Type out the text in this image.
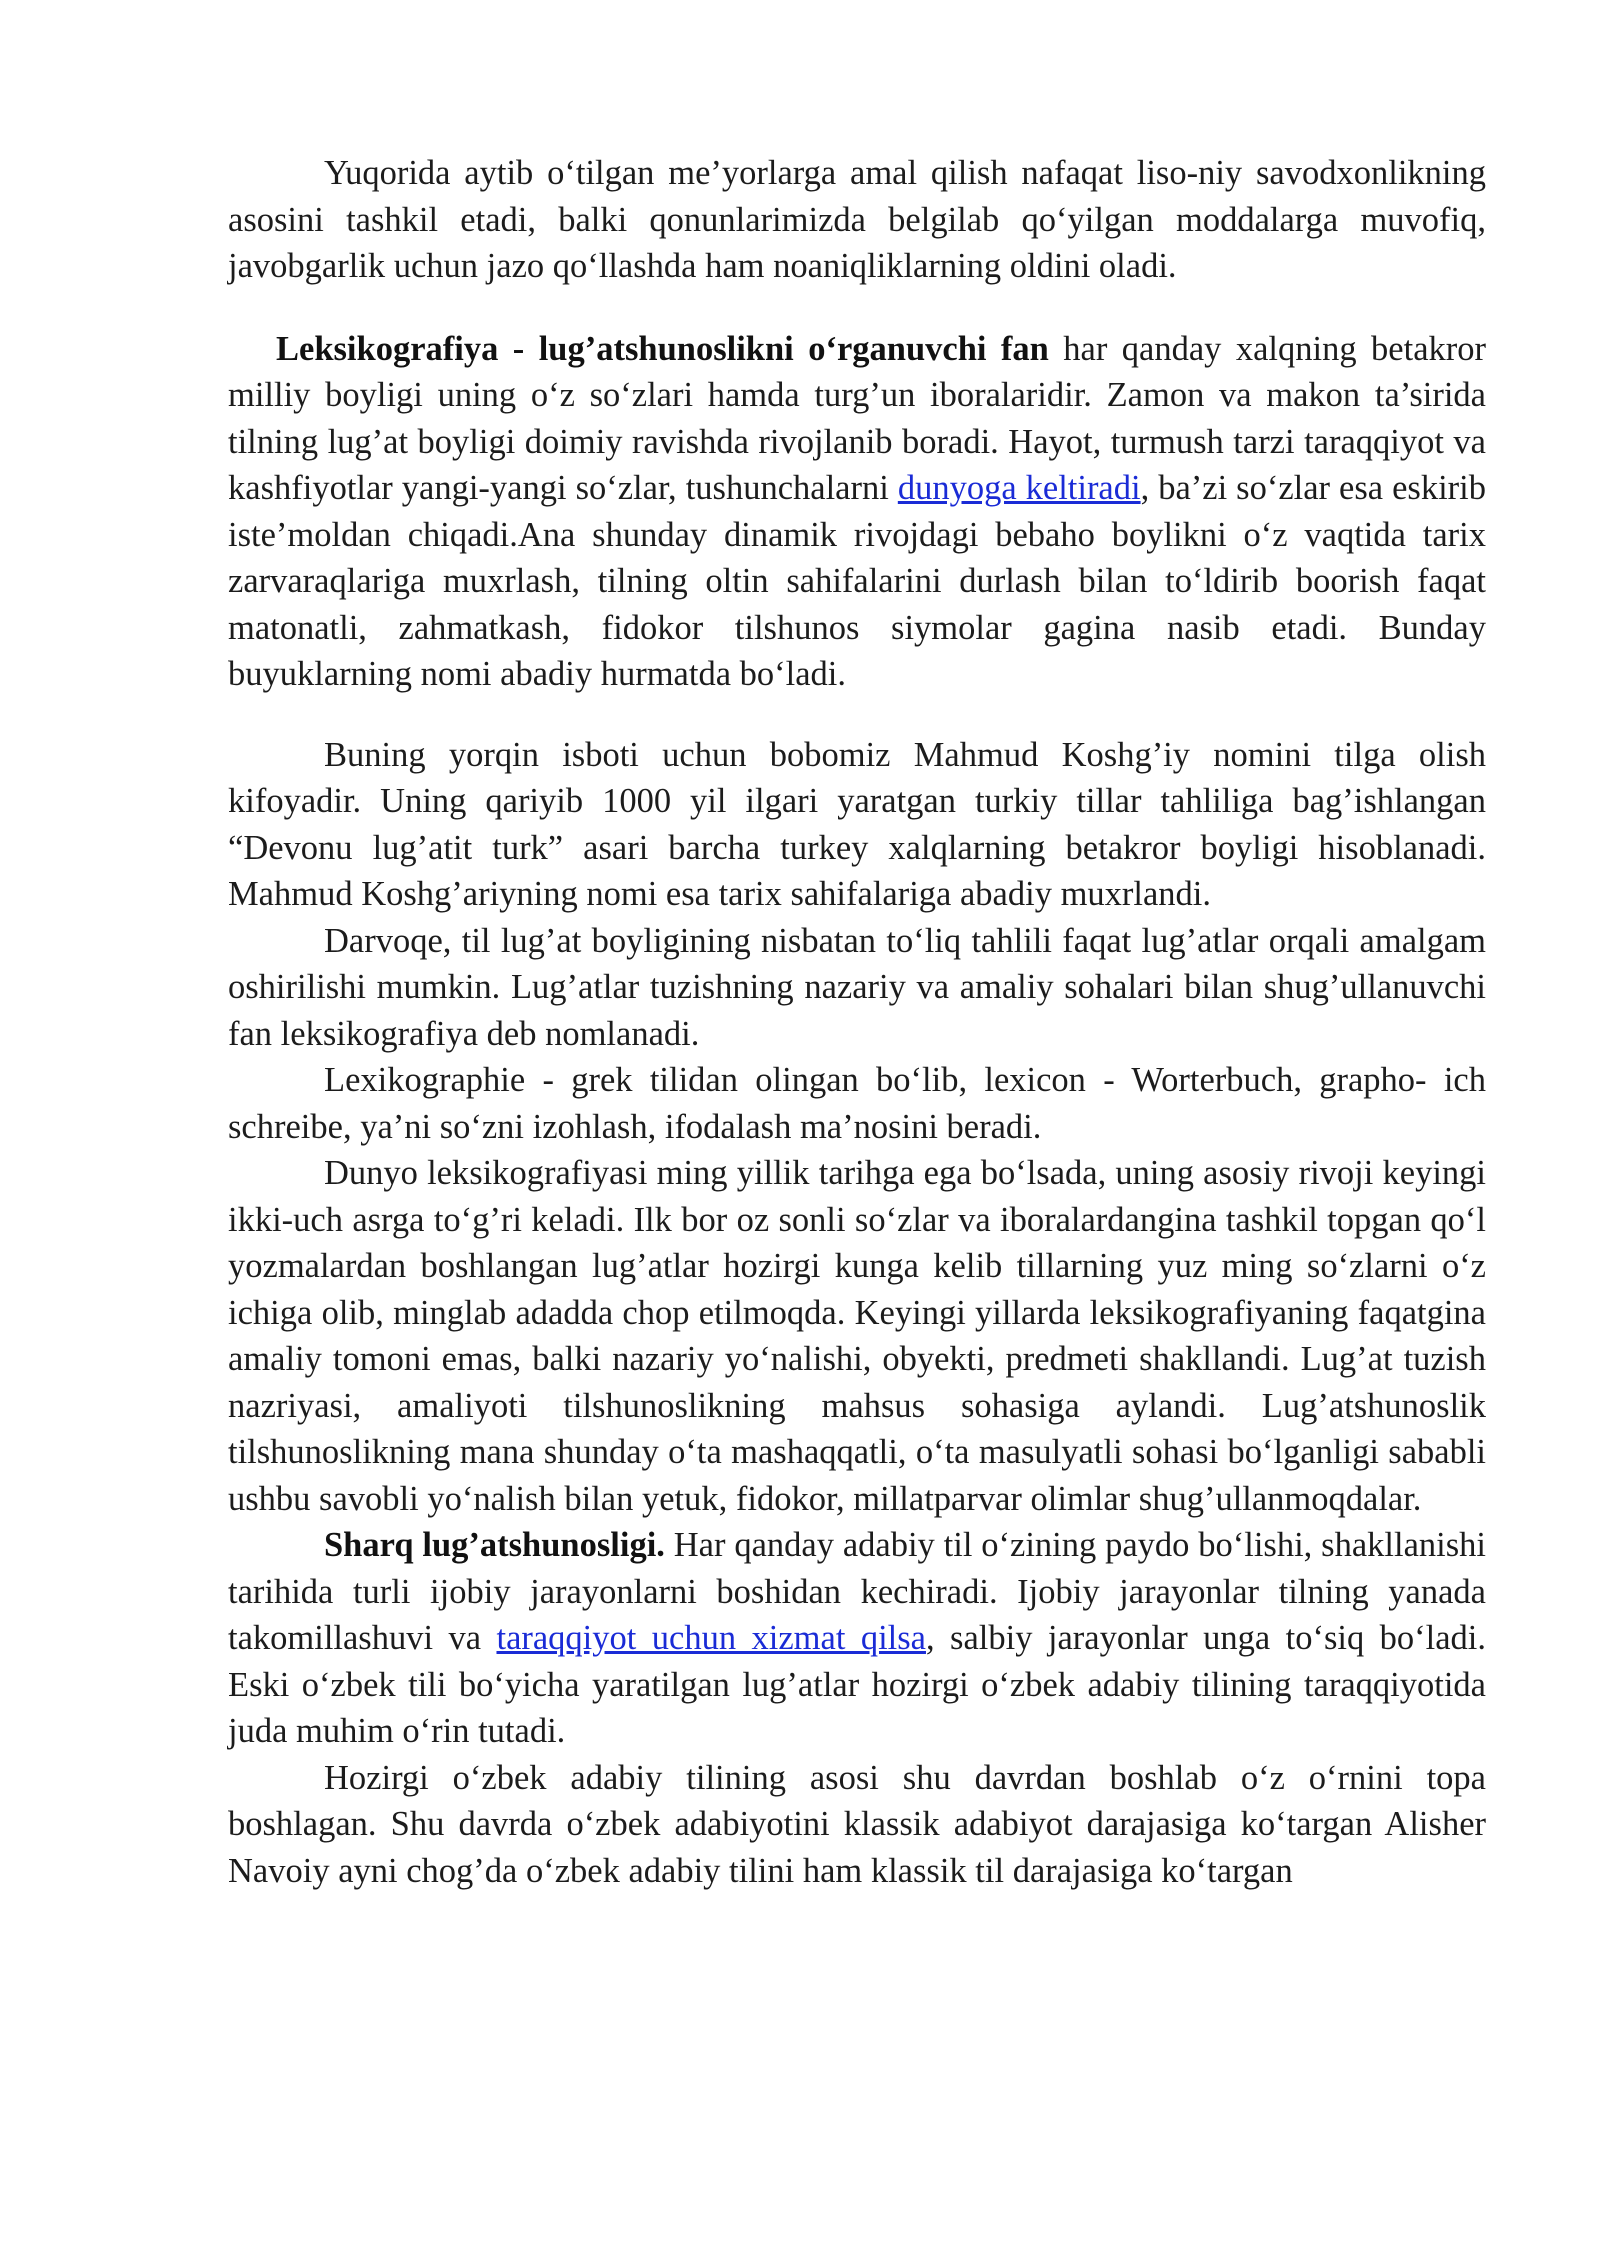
Yuqorida aytib o‘tilgan me’yorlarga amal qilish nafaqat liso-niy savodxonlikning asosini tashkil etadi, balki qonunlarimizda belgilab qo‘yilgan moddalarga muvofiq, javobgarlik uchun jazo qo‘llashda ham noaniqliklarning oldini oladi.

Leksikografiya - lug’atshunoslikni o‘rganuvchi fan har qanday xalqning betakror milliy boyligi uning o‘z so‘zlari hamda turg’un iboralaridir. Zamon va makon ta’sirida tilning lug’at boyligi doimiy ravishda rivojlanib boradi. Hayot, turmush tarzi taraqqiyot va kashfiyotlar yangi-yangi so‘zlar, tushunchalarni dunyoga keltiradi, ba’zi so‘zlar esa eskirib iste’moldan chiqadi.Ana shunday dinamik rivojdagi bebaho boylikni o‘z vaqtida tarix zarvaraqlariga muxrlash, tilning oltin sahifalarini durlash bilan to‘ldirib boorish faqat matonatli, zahmatkash, fidokor tilshunos siymolar gagina nasib etadi. Bunday buyuklarning nomi abadiy hurmatda bo‘ladi.

Buning yorqin isboti uchun bobomiz Mahmud Koshg’iy nomini tilga olish kifoyadir. Uning qariyib 1000 yil ilgari yaratgan turkiy tillar tahliliga bag’ishlangan “Devonu lug’atit turk” asari barcha turkey xalqlarning betakror boyligi hisoblanadi. Mahmud Koshg’ariyning nomi esa tarix sahifalariga abadiy muxrlandi.

Darvoqe, til lug’at boyligining nisbatan to‘liq tahlili faqat lug’atlar orqali amalgam oshirilishi mumkin. Lug’atlar tuzishning nazariy va amaliy sohalari bilan shug’ullanuvchi fan leksikografiya deb nomlanadi.

Lexikographie - grek tilidan olingan bo‘lib, lexicon - Worterbuch, grapho- ich schreibe, ya’ni so‘zni izohlash, ifodalash ma’nosini beradi.

Dunyo leksikografiyasi ming yillik tarihga ega bo‘lsada, uning asosiy rivoji keyingi ikki-uch asrga to‘g’ri keladi. Ilk bor oz sonli so‘zlar va iboralardangina tashkil topgan qo‘l yozmalardan boshlangan lug’atlar hozirgi kunga kelib tillarning yuz ming so‘zlarni o‘z ichiga olib, minglab adadda chop etilmoqda. Keyingi yillarda leksikografiyaning faqatgina amaliy tomoni emas, balki nazariy yo‘nalishi, obyekti, predmeti shakllandi. Lug’at tuzish nazriyasi, amaliyoti tilshunoslikning mahsus sohasiga aylandi. Lug’atshunoslik tilshunoslikning mana shunday o‘ta mashaqqatli, o‘ta masulyatli sohasi bo‘lganligi sababli ushbu savobli yo‘nalish bilan yetuk, fidokor, millatparvar olimlar shug’ullanmoqdalar.

Sharq lug’atshunosligi. Har qanday adabiy til o‘zining paydo bo‘lishi, shakllanishi tarihida turli ijobiy jarayonlarni boshidan kechiradi. Ijobiy jarayonlar tilning yanada takomillashuvi va taraqqiyot uchun xizmat qilsa, salbiy jarayonlar unga to‘siq bo‘ladi. Eski o‘zbek tili bo‘yicha yaratilgan lug’atlar hozirgi o‘zbek adabiy tilining taraqqiyotida juda muhim o‘rin tutadi.

Hozirgi o‘zbek adabiy tilining asosi shu davrdan boshlab o‘z o‘rnini topa boshlagan. Shu davrda o‘zbek adabiyotini klassik adabiyot darajasiga ko‘targan Alisher Navoiy ayni chog’da o‘zbek adabiy tilini ham klassik til darajasiga ko‘targan
